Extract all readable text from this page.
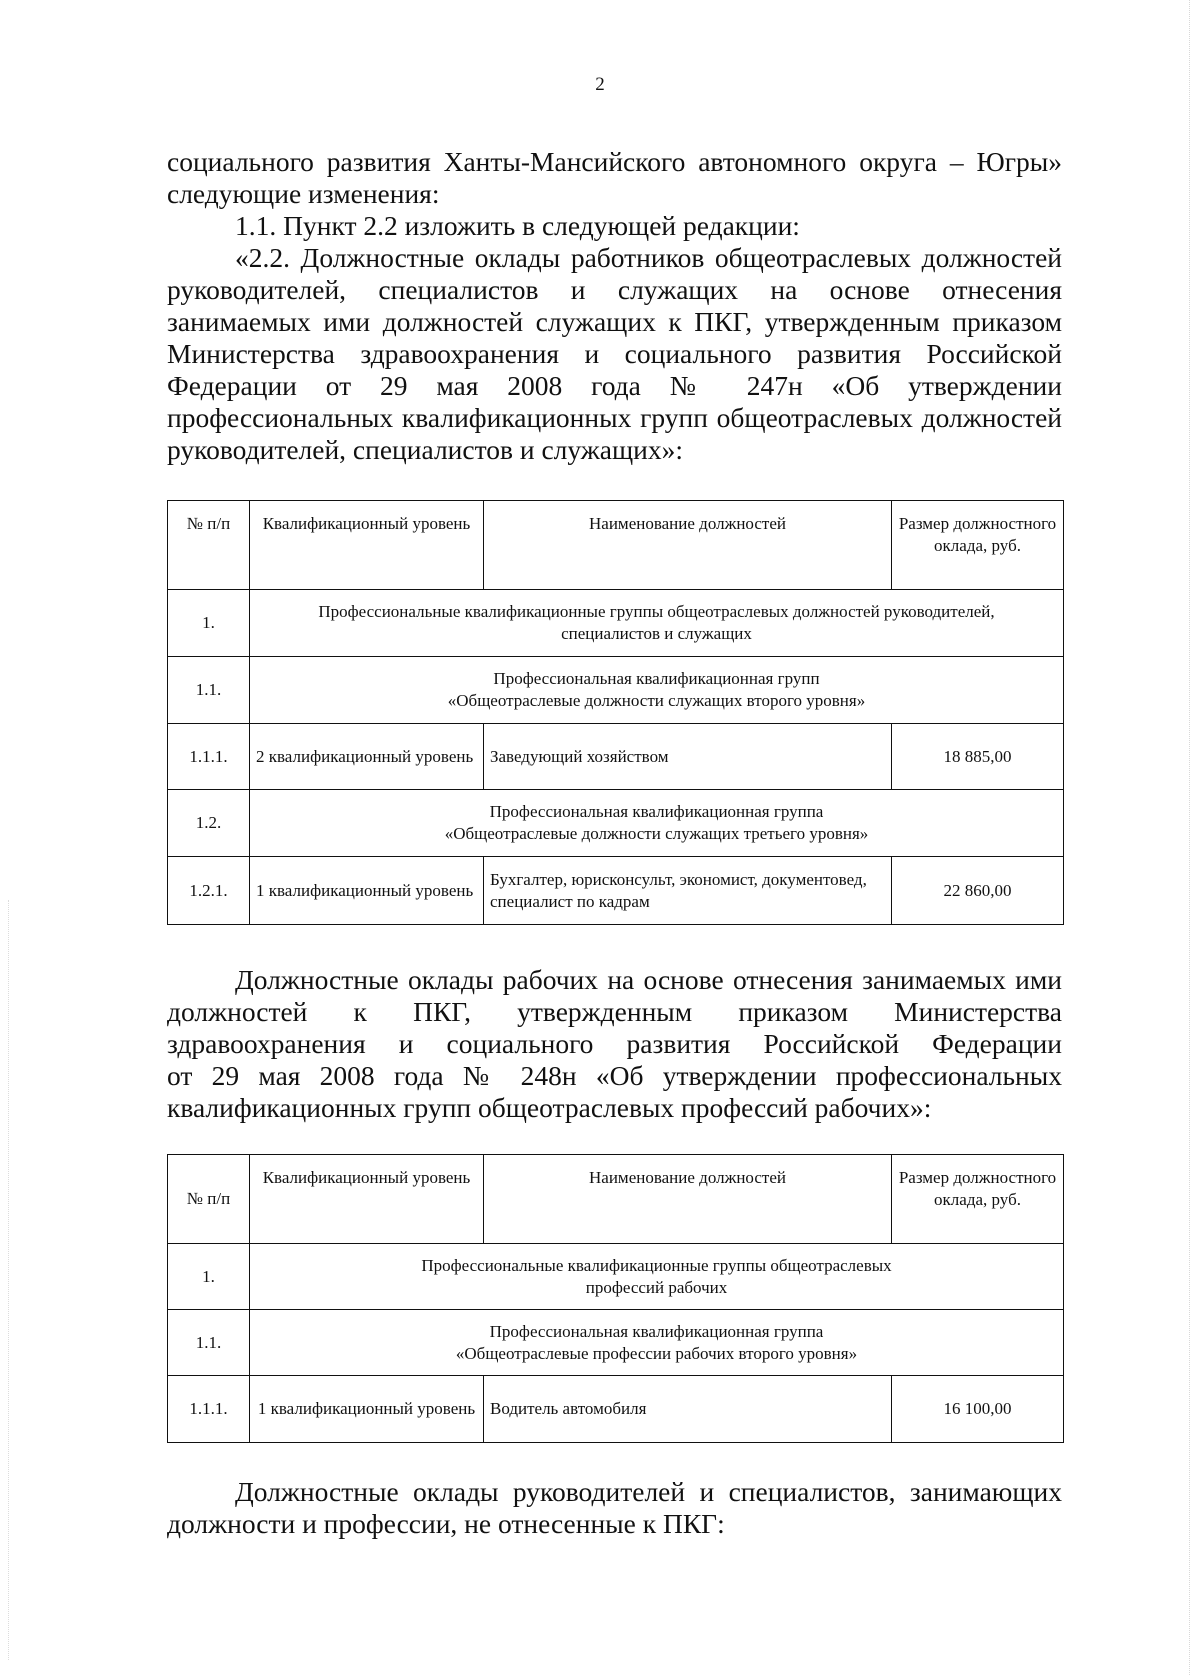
2

социального развития Ханты-Мансийского автономного округа – Югры»

следующие изменения:

1.1. Пункт 2.2 изложить в следующей редакции:

«2.2. Должностные оклады работников общеотраслевых должностей

руководителей, специалистов и служащих на основе отнесения

занимаемых ими должностей служащих к ПКГ, утвержденным приказом

Министерства здравоохранения и социального развития Российской

Федерации от 29 мая 2008 года № 247н «Об утверждении

профессиональных квалификационных групп общеотраслевых должностей

руководителей, специалистов и служащих»:

№ п/п	Квалификационный уровень	Наименование должностей	Размер должностного оклада, руб.
1.	Профессиональные квалификационные группы общеотраслевых должностей руководителей,
специалистов и служащих		

1.1.	Профессиональная квалификационная групп
«Общеотраслевые должности служащих второго уровня»		

1.1.1.	2 квалификационный уровень	Заведующий хозяйством	18 885,00
1.2.	Профессиональная квалификационная группа
«Общеотраслевые должности служащих третьего уровня»		

1.2.1.	1 квалификационный уровень	Бухгалтер, юрисконсульт, экономист, документовед, специалист по кадрам	22 860,00

Должностные оклады рабочих на основе отнесения занимаемых ими

должностей к ПКГ, утвержденным приказом Министерства

здравоохранения и социального развития Российской Федерации

от 29 мая 2008 года № 248н «Об утверждении профессиональных

квалификационных групп общеотраслевых профессий рабочих»:

№ п/п	Квалификационный уровень	Наименование должностей	Размер должностного оклада, руб.
1.	Профессиональные квалификационные группы общеотраслевых
профессий рабочих		

1.1.	Профессиональная квалификационная группа
«Общеотраслевые профессии рабочих второго уровня»		

1.1.1.	1 квалификационный уровень	Водитель автомобиля	16 100,00

Должностные оклады руководителей и специалистов, занимающих

должности и профессии, не отнесенные к ПКГ:
